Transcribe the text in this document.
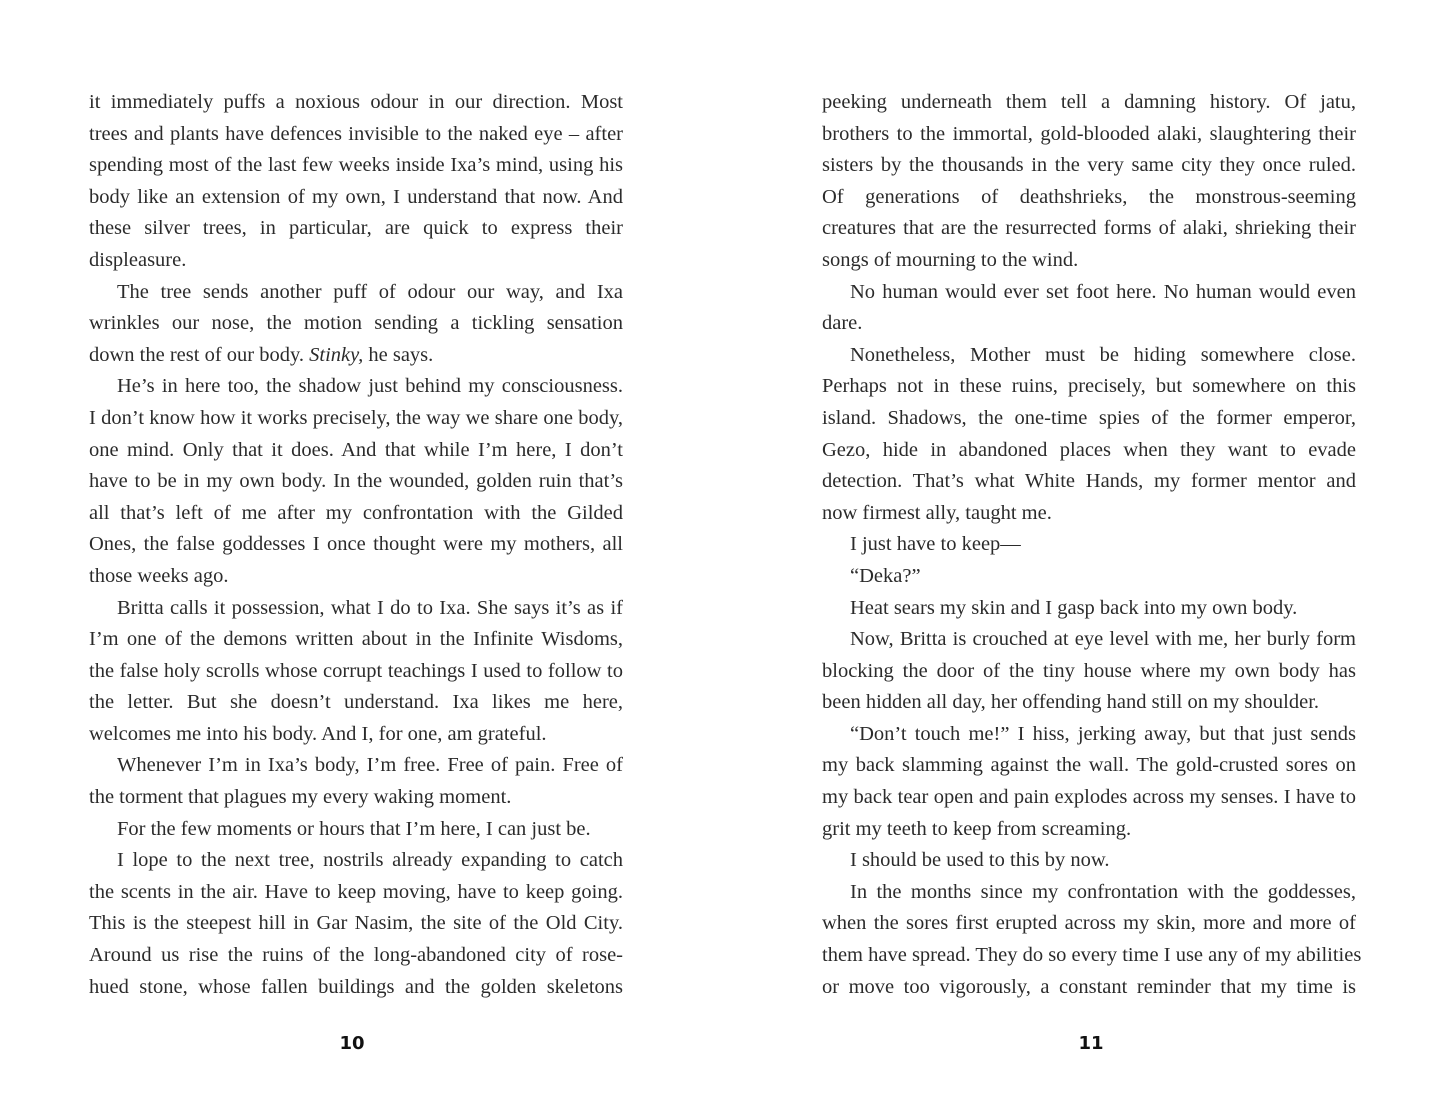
it immediately puffs a noxious odour in our direction. Most
trees and plants have defences invisible to the naked eye – after
spending most of the last few weeks inside Ixa’s mind, using his
body like an extension of my own, I understand that now. And
these silver trees, in particular, are quick to express their
displeasure.
The tree sends another puff of odour our way, and Ixa
wrinkles our nose, the motion sending a tickling sensation
down the rest of our body. Stinky, he says.
He’s in here too, the shadow just behind my consciousness.
I don’t know how it works precisely, the way we share one body,
one mind. Only that it does. And that while I’m here, I don’t
have to be in my own body. In the wounded, golden ruin that’s
all that’s left of me after my confrontation with the Gilded
Ones, the false goddesses I once thought were my mothers, all
those weeks ago.
Britta calls it possession, what I do to Ixa. She says it’s as if
I’m one of the demons written about in the Infinite Wisdoms,
the false holy scrolls whose corrupt teachings I used to follow to
the letter. But she doesn’t understand. Ixa likes me here,
welcomes me into his body. And I, for one, am grateful.
Whenever I’m in Ixa’s body, I’m free. Free of pain. Free of
the torment that plagues my every waking moment.
For the few moments or hours that I’m here, I can just be.
I lope to the next tree, nostrils already expanding to catch
the scents in the air. Have to keep moving, have to keep going.
This is the steepest hill in Gar Nasim, the site of the Old City.
Around us rise the ruins of the long-abandoned city of rose-
hued stone, whose fallen buildings and the golden skeletons
peeking underneath them tell a damning history. Of jatu,
brothers to the immortal, gold-blooded alaki, slaughtering their
sisters by the thousands in the very same city they once ruled.
Of generations of deathshrieks, the monstrous-seeming
creatures that are the resurrected forms of alaki, shrieking their
songs of mourning to the wind.
No human would ever set foot here. No human would even
dare.
Nonetheless, Mother must be hiding somewhere close.
Perhaps not in these ruins, precisely, but somewhere on this
island. Shadows, the one-time spies of the former emperor,
Gezo, hide in abandoned places when they want to evade
detection. That’s what White Hands, my former mentor and
now firmest ally, taught me.
I just have to keep—
“Deka?”
Heat sears my skin and I gasp back into my own body.
Now, Britta is crouched at eye level with me, her burly form
blocking the door of the tiny house where my own body has
been hidden all day, her offending hand still on my shoulder.
“Don’t touch me!” I hiss, jerking away, but that just sends
my back slamming against the wall. The gold-crusted sores on
my back tear open and pain explodes across my senses. I have to
grit my teeth to keep from screaming.
I should be used to this by now.
In the months since my confrontation with the goddesses,
when the sores first erupted across my skin, more and more of
them have spread. They do so every time I use any of my abilities
or move too vigorously, a constant reminder that my time is
10	11
